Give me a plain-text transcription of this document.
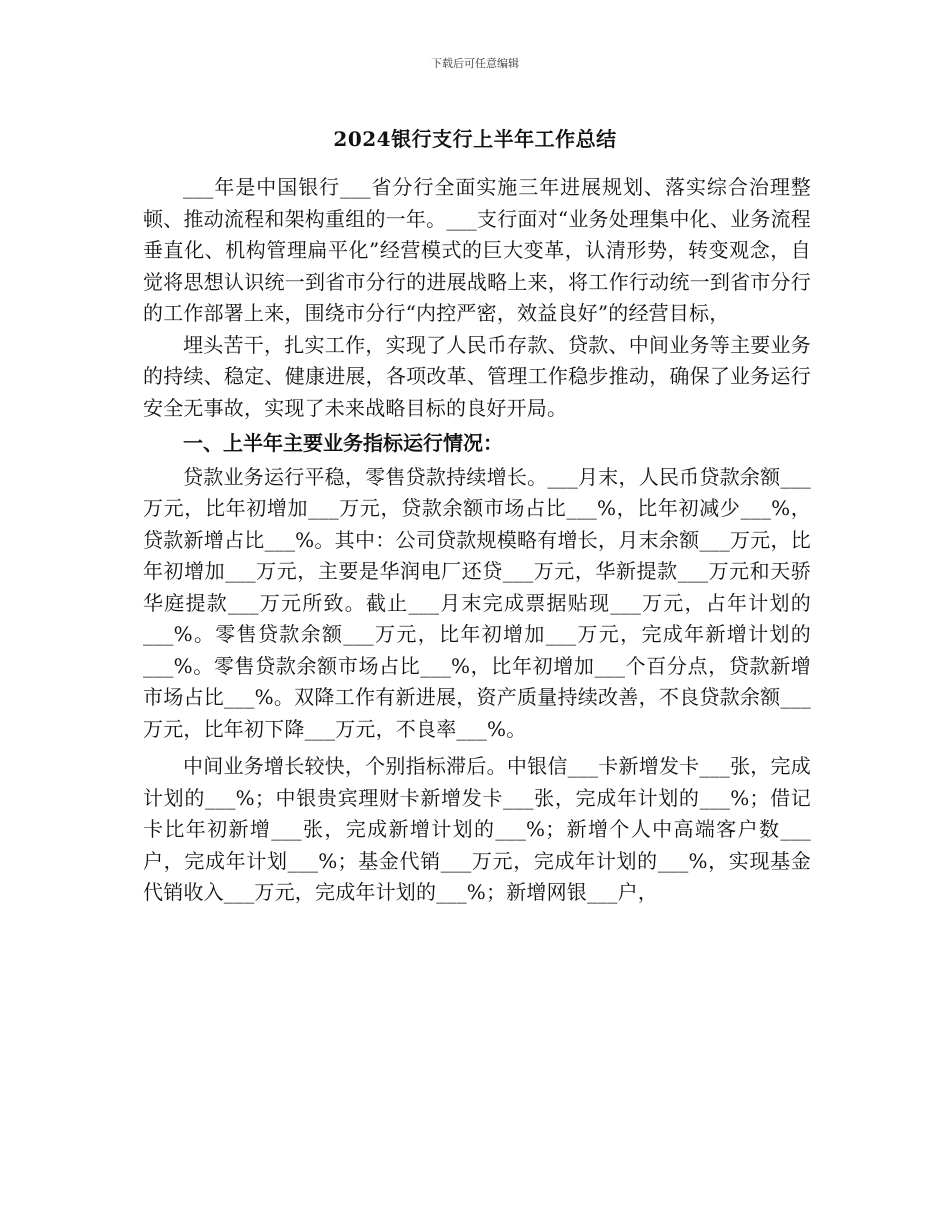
下载后可任意编辑
2024银行支行上半年工作总结

___年是中国银行___省分行全面实施三年进展规划、落实综合治理整顿、推动流程和架构重组的一年。___支行面对“业务处理集中化、业务流程垂直化、机构管理扁平化”经营模式的巨大变革，认清形势，转变观念，自觉将思想认识统一到省市分行的进展战略上来，将工作行动统一到省市分行的工作部署上来，围绕市分行“内控严密，效益良好”的经营目标，

埋头苦干，扎实工作，实现了人民币存款、贷款、中间业务等主要业务的持续、稳定、健康进展，各项改革、管理工作稳步推动，确保了业务运行安全无事故，实现了未来战略目标的良好开局。

一、上半年主要业务指标运行情况：

贷款业务运行平稳，零售贷款持续增长。___月末，人民币贷款余额___万元，比年初增加___万元，贷款余额市场占比___%，比年初减少___%，贷款新增占比___%。其中：公司贷款规模略有增长，月末余额___万元，比年初增加___万元，主要是华润电厂还贷___万元，华新提款___万元和天骄华庭提款___万元所致。截止___月末完成票据贴现___万元，占年计划的___%。零售贷款余额___万元，比年初增加___万元，完成年新增计划的___%。零售贷款余额市场占比___%，比年初增加___个百分点，贷款新增市场占比___%。双降工作有新进展，资产质量持续改善，不良贷款余额___万元，比年初下降___万元，不良率___%。

中间业务增长较快，个别指标滞后。中银信___卡新增发卡___张，完成计划的___%；中银贵宾理财卡新增发卡___张，完成年计划的___%；借记卡比年初新增___张，完成新增计划的___%；新增个人中高端客户数___户，完成年计划___%；基金代销___万元，完成年计划的___%，实现基金代销收入___万元，完成年计划的___%；新增网银___户，
